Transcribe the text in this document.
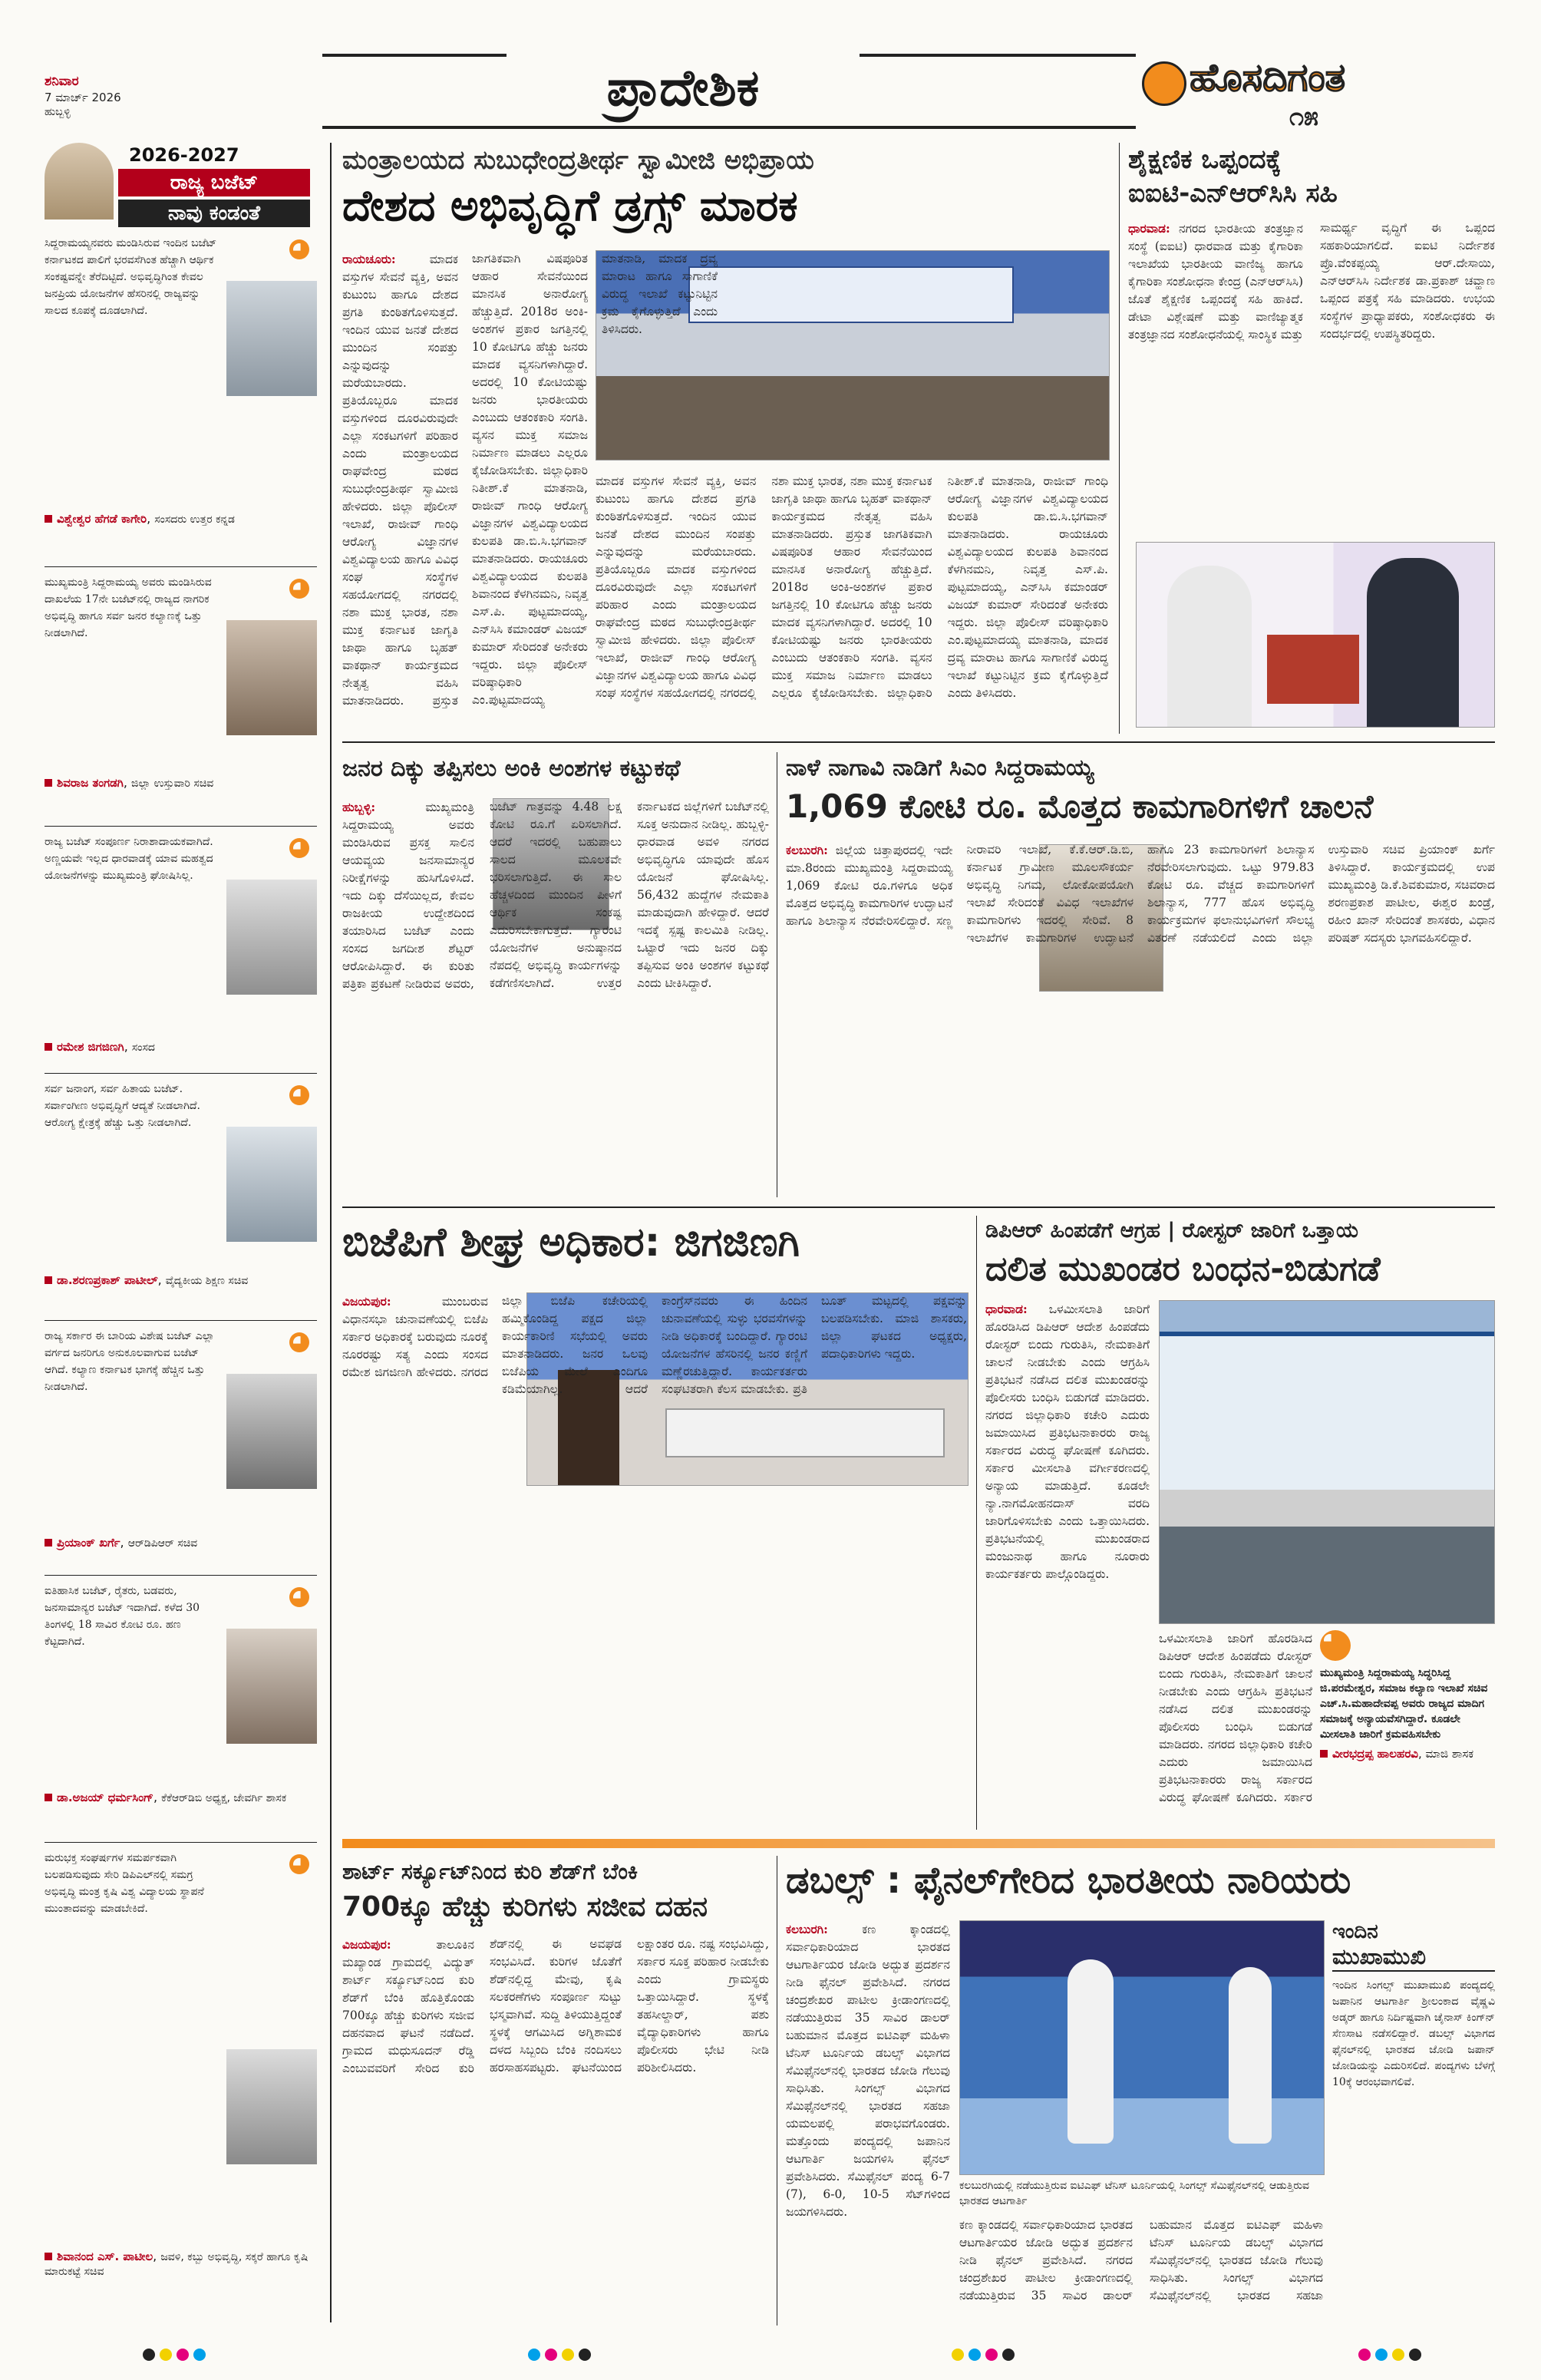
ಶನಿವಾರ
7 ಮಾರ್ಚ್ 2026
ಹುಬ್ಬಳ್ಳಿ	ಪ್ರಾದೇಶಿಕ	ಹೊಸದಿಗಂತ
೧೫
2026-2027
ರಾಜ್ಯ ಬಜೆಟ್
ನಾವು ಕಂಡಂತೆ
ಸಿದ್ದರಾಮಯ್ಯನವರು ಮಂಡಿಸಿರುವ ಇಂದಿನ ಬಜೆಟ್ ಕರ್ನಾಟಕದ ಪಾಲಿಗೆ ಭರವಸೆಗಿಂತ ಹೆಚ್ಚಾಗಿ ಆರ್ಥಿಕ ಸಂಕಷ್ಟವನ್ನೇ ತೆರೆದಿಟ್ಟಿದೆ. ಅಭಿವೃದ್ಧಿಗಿಂತ ಕೇವಲ ಜನಪ್ರಿಯ ಯೋಜನೆಗಳ ಹೆಸರಿನಲ್ಲಿ ರಾಜ್ಯವನ್ನು ಸಾಲದ ಕೂಪಕ್ಕೆ ದೂಡಲಾಗಿದೆ.
ವಿಶ್ವೇಶ್ವರ ಹೆಗಡೆ ಕಾಗೇರಿ, ಸಂಸದರು ಉತ್ತರ ಕನ್ನಡ
ಮುಖ್ಯಮಂತ್ರಿ ಸಿದ್ದರಾಮಯ್ಯ ಅವರು ಮಂಡಿಸಿರುವ ದಾಖಲೆಯ 17ನೇ ಬಜೆಟ್‌ನಲ್ಲಿ ರಾಜ್ಯದ ನಾಗರಿಕ ಅಭಿವೃದ್ಧಿ ಹಾಗೂ ಸರ್ವ ಜನರ ಕಲ್ಯಾಣಕ್ಕೆ ಒತ್ತು ನೀಡಲಾಗಿದೆ.
ಶಿವರಾಜ ತಂಗಡಗಿ, ಜಿಲ್ಲಾ ಉಸ್ತುವಾರಿ ಸಚಿವ
ರಾಜ್ಯ ಬಜೆಟ್ ಸಂಪೂರ್ಣ ನಿರಾಶಾದಾಯಕವಾಗಿದೆ. ಅಣ್ಣಯವೇ ಇಲ್ಲದ ಧಾರವಾಡಕ್ಕೆ ಯಾವ ಮಹತ್ವದ ಯೋಜನೆಗಳನ್ನು ಮುಖ್ಯಮಂತ್ರಿ ಘೋಷಿಸಿಲ್ಲ.
ರಮೇಶ ಜಿಗಜಿಣಗಿ, ಸಂಸದ
ಸರ್ವ ಜನಾಂಗ, ಸರ್ವ ಹಿತಾಯ ಬಜೆಟ್. ಸರ್ವಾಂಗೀಣ ಅಭಿವೃದ್ಧಿಗೆ ಆದ್ಯತೆ ನೀಡಲಾಗಿದೆ. ಆರೋಗ್ಯ ಕ್ಷೇತ್ರಕ್ಕೆ ಹೆಚ್ಚು ಒತ್ತು ನೀಡಲಾಗಿದೆ.
ಡಾ.ಶರಣಪ್ರಕಾಶ್ ಪಾಟೀಲ್, ವೈದ್ಯಕೀಯ ಶಿಕ್ಷಣ ಸಚಿವ
ರಾಜ್ಯ ಸರ್ಕಾರ ಈ ಬಾರಿಯ ವಿಶೇಷ ಬಜೆಟ್ ಎಲ್ಲಾ ವರ್ಗದ ಜನರಿಗೂ ಅನುಕೂಲವಾಗುವ ಬಜೆಟ್ ಆಗಿದೆ. ಕಲ್ಯಾಣ ಕರ್ನಾಟಕ ಭಾಗಕ್ಕೆ ಹೆಚ್ಚಿನ ಒತ್ತು ನೀಡಲಾಗಿದೆ.
ಪ್ರಿಯಾಂಕ್ ಖರ್ಗೆ, ಆರ್‌ಡಿಪಿಆರ್ ಸಚಿವ
ಐತಿಹಾಸಿಕ ಬಜೆಟ್, ರೈತರು, ಬಡವರು, ಜನಸಾಮಾನ್ಯರ ಬಜೆಟ್ ಇದಾಗಿದೆ. ಕಳೆದ 30 ತಿಂಗಳಲ್ಲಿ 18 ಸಾವಿರ ಕೋಟಿ ರೂ. ಹಣ ಕೆಟ್ಟದಾಗಿದೆ.
ಡಾ.ಅಜಯ್ ಧರ್ಮಸಿಂಗ್, ಕೆಕೆಆರ್‌ಡಿಬಿ ಅಧ್ಯಕ್ಷ, ಜೇವರ್ಗಿ ಶಾಸಕ
ಮರುಭಕ್ತ ಸಂಘರ್ಷಗಳ ಸಮರ್ಪಕವಾಗಿ ಬಲಪಡಿಸುವುದು ಸೇರಿ ಡಿಪಿಎಲ್‌ನಲ್ಲಿ ಸಮಗ್ರ ಅಭಿವೃದ್ಧಿ ಮಂತ್ರ ಕೃಷಿ ವಿಶ್ವ ವಿದ್ಯಾಲಯ ಸ್ಥಾಪನೆ ಮುಂತಾದವನ್ನು ಮಾಡಬೇಕಿದೆ.
ಶಿವಾನಂದ ಎಸ್. ಪಾಟೀಲ, ಜವಳಿ, ಕಬ್ಬು ಅಭಿವೃದ್ಧಿ, ಸಕ್ಕರೆ ಹಾಗೂ ಕೃಷಿ ಮಾರುಕಟ್ಟೆ ಸಚಿವ
ಮಂತ್ರಾಲಯದ ಸುಬುಧೇಂದ್ರತೀರ್ಥ ಸ್ವಾಮೀಜಿ ಅಭಿಪ್ರಾಯ
ದೇಶದ ಅಭಿವೃದ್ಧಿಗೆ ಡ್ರಗ್ಸ್ ಮಾರಕ
ರಾಯಚೂರು:	ಮಾದಕ ವಸ್ತುಗಳ ಸೇವನೆ ವ್ಯಕ್ತಿ, ಅವನ ಕುಟುಂಬ ಹಾಗೂ ದೇಶದ ಪ್ರಗತಿ ಕುಂಠಿತಗೊಳಿಸುತ್ತದೆ. ಇಂದಿನ ಯುವ ಜನತೆ ದೇಶದ ಮುಂದಿನ ಸಂಪತ್ತು ಎನ್ನುವುದನ್ನು ಮರೆಯಬಾರದು. ಪ್ರತಿಯೊಬ್ಬರೂ ಮಾದಕ ವಸ್ತುಗಳಿಂದ ದೂರವಿರುವುದೇ ಎಲ್ಲಾ ಸಂಕಟಗಳಿಗೆ ಪರಿಹಾರ ಎಂದು ಮಂತ್ರಾಲಯದ ರಾಘವೇಂದ್ರ ಮಠದ ಸುಬುಧೇಂದ್ರತೀರ್ಥ ಸ್ವಾಮೀಜಿ ಹೇಳಿದರು. ಜಿಲ್ಲಾ ಪೊಲೀಸ್ ಇಲಾಖೆ, ರಾಜೀವ್ ಗಾಂಧಿ ಆರೋಗ್ಯ ವಿಜ್ಞಾನಗಳ ವಿಶ್ವವಿದ್ಯಾಲಯ ಹಾಗೂ ವಿವಿಧ ಸಂಘ ಸಂಸ್ಥೆಗಳ ಸಹಯೋಗದಲ್ಲಿ ನಗರದಲ್ಲಿ ನಶಾ ಮುಕ್ತ ಭಾರತ, ನಶಾ ಮುಕ್ತ ಕರ್ನಾಟಕ ಜಾಗೃತಿ ಜಾಥಾ ಹಾಗೂ ಬೃಹತ್ ವಾಕಥಾನ್ ಕಾರ್ಯಕ್ರಮದ ನೇತೃತ್ವ ವಹಿಸಿ ಮಾತನಾಡಿದರು. ಪ್ರಸ್ತುತ ಜಾಗತಿಕವಾಗಿ ವಿಷಪೂರಿತ ಆಹಾರ ಸೇವನೆಯಿಂದ ಮಾನಸಿಕ ಅನಾರೋಗ್ಯ ಹೆಚ್ಚುತ್ತಿದೆ. 2018ರ ಅಂಕಿ-ಅಂಶಗಳ ಪ್ರಕಾರ ಜಗತ್ತಿನಲ್ಲಿ 10 ಕೋಟಿಗೂ ಹೆಚ್ಚು ಜನರು ಮಾದಕ ವ್ಯಸನಿಗಳಾಗಿದ್ದಾರೆ. ಅದರಲ್ಲಿ 10 ಕೋಟಿಯಷ್ಟು ಜನರು ಭಾರತೀಯರು ಎಂಬುದು ಆತಂಕಕಾರಿ ಸಂಗತಿ. ವ್ಯಸನ ಮುಕ್ತ ಸಮಾಜ ನಿರ್ಮಾಣ ಮಾಡಲು ಎಲ್ಲರೂ ಕೈಜೋಡಿಸಬೇಕು. ಜಿಲ್ಲಾಧಿಕಾರಿ ನಿತೀಶ್.ಕೆ ಮಾತನಾಡಿ, ರಾಜೀವ್ ಗಾಂಧಿ ಆರೋಗ್ಯ ವಿಜ್ಞಾನಗಳ ವಿಶ್ವವಿದ್ಯಾಲಯದ ಕುಲಪತಿ ಡಾ.ಬಿ.ಸಿ.ಭಗವಾನ್ ಮಾತನಾಡಿದರು. ರಾಯಚೂರು ವಿಶ್ವವಿದ್ಯಾಲಯದ ಕುಲಪತಿ ಶಿವಾನಂದ ಕೆಳಗಿನಮನಿ, ನಿವೃತ್ತ ಎಸ್.ಪಿ. ಪುಟ್ಟಮಾದಯ್ಯ, ಎನ್‌ಸಿಸಿ ಕಮಾಂಡರ್ ವಿಜಯ್ ಕುಮಾರ್ ಸೇರಿದಂತೆ ಅನೇಕರು ಇದ್ದರು. ಜಿಲ್ಲಾ ಪೊಲೀಸ್ ವರಿಷ್ಠಾಧಿಕಾರಿ ಎಂ.ಪುಟ್ಟಮಾದಯ್ಯ ಮಾತನಾಡಿ, ಮಾದಕ ದ್ರವ್ಯ ಮಾರಾಟ ಹಾಗೂ ಸಾಗಾಣಿಕೆ ವಿರುದ್ಧ ಇಲಾಖೆ ಕಟ್ಟುನಿಟ್ಟಿನ ಕ್ರಮ ಕೈಗೊಳ್ಳುತ್ತಿದೆ ಎಂದು ತಿಳಿಸಿದರು.
ಮಾದಕ ವಸ್ತುಗಳ ಸೇವನೆ ವ್ಯಕ್ತಿ, ಅವನ ಕುಟುಂಬ ಹಾಗೂ ದೇಶದ ಪ್ರಗತಿ ಕುಂಠಿತಗೊಳಿಸುತ್ತದೆ. ಇಂದಿನ ಯುವ ಜನತೆ ದೇಶದ ಮುಂದಿನ ಸಂಪತ್ತು ಎನ್ನುವುದನ್ನು ಮರೆಯಬಾರದು. ಪ್ರತಿಯೊಬ್ಬರೂ ಮಾದಕ ವಸ್ತುಗಳಿಂದ ದೂರವಿರುವುದೇ ಎಲ್ಲಾ ಸಂಕಟಗಳಿಗೆ ಪರಿಹಾರ ಎಂದು ಮಂತ್ರಾಲಯದ ರಾಘವೇಂದ್ರ ಮಠದ ಸುಬುಧೇಂದ್ರತೀರ್ಥ ಸ್ವಾಮೀಜಿ ಹೇಳಿದರು. ಜಿಲ್ಲಾ ಪೊಲೀಸ್ ಇಲಾಖೆ, ರಾಜೀವ್ ಗಾಂಧಿ ಆರೋಗ್ಯ ವಿಜ್ಞಾನಗಳ ವಿಶ್ವವಿದ್ಯಾಲಯ ಹಾಗೂ ವಿವಿಧ ಸಂಘ ಸಂಸ್ಥೆಗಳ ಸಹಯೋಗದಲ್ಲಿ ನಗರದಲ್ಲಿ ನಶಾ ಮುಕ್ತ ಭಾರತ, ನಶಾ ಮುಕ್ತ ಕರ್ನಾಟಕ ಜಾಗೃತಿ ಜಾಥಾ ಹಾಗೂ ಬೃಹತ್ ವಾಕಥಾನ್ ಕಾರ್ಯಕ್ರಮದ ನೇತೃತ್ವ ವಹಿಸಿ ಮಾತನಾಡಿದರು. ಪ್ರಸ್ತುತ ಜಾಗತಿಕವಾಗಿ ವಿಷಪೂರಿತ ಆಹಾರ ಸೇವನೆಯಿಂದ ಮಾನಸಿಕ ಅನಾರೋಗ್ಯ ಹೆಚ್ಚುತ್ತಿದೆ. 2018ರ ಅಂಕಿ-ಅಂಶಗಳ ಪ್ರಕಾರ ಜಗತ್ತಿನಲ್ಲಿ 10 ಕೋಟಿಗೂ ಹೆಚ್ಚು ಜನರು ಮಾದಕ ವ್ಯಸನಿಗಳಾಗಿದ್ದಾರೆ. ಅದರಲ್ಲಿ 10 ಕೋಟಿಯಷ್ಟು ಜನರು ಭಾರತೀಯರು ಎಂಬುದು ಆತಂಕಕಾರಿ ಸಂಗತಿ. ವ್ಯಸನ ಮುಕ್ತ ಸಮಾಜ ನಿರ್ಮಾಣ ಮಾಡಲು ಎಲ್ಲರೂ ಕೈಜೋಡಿಸಬೇಕು. ಜಿಲ್ಲಾಧಿಕಾರಿ ನಿತೀಶ್.ಕೆ ಮಾತನಾಡಿ, ರಾಜೀವ್ ಗಾಂಧಿ ಆರೋಗ್ಯ ವಿಜ್ಞಾನಗಳ ವಿಶ್ವವಿದ್ಯಾಲಯದ ಕುಲಪತಿ ಡಾ.ಬಿ.ಸಿ.ಭಗವಾನ್ ಮಾತನಾಡಿದರು. ರಾಯಚೂರು ವಿಶ್ವವಿದ್ಯಾಲಯದ ಕುಲಪತಿ ಶಿವಾನಂದ ಕೆಳಗಿನಮನಿ, ನಿವೃತ್ತ ಎಸ್.ಪಿ. ಪುಟ್ಟಮಾದಯ್ಯ, ಎನ್‌ಸಿಸಿ ಕಮಾಂಡರ್ ವಿಜಯ್ ಕುಮಾರ್ ಸೇರಿದಂತೆ ಅನೇಕರು ಇದ್ದರು. ಜಿಲ್ಲಾ ಪೊಲೀಸ್ ವರಿಷ್ಠಾಧಿಕಾರಿ ಎಂ.ಪುಟ್ಟಮಾದಯ್ಯ ಮಾತನಾಡಿ, ಮಾದಕ ದ್ರವ್ಯ ಮಾರಾಟ ಹಾಗೂ ಸಾಗಾಣಿಕೆ ವಿರುದ್ಧ ಇಲಾಖೆ ಕಟ್ಟುನಿಟ್ಟಿನ ಕ್ರಮ ಕೈಗೊಳ್ಳುತ್ತಿದೆ ಎಂದು ತಿಳಿಸಿದರು.
ಶೈಕ್ಷಣಿಕ ಒಪ್ಪಂದಕ್ಕೆ
ಐಐಟಿ-ಎನ್‌ಆರ್‌ಸಿಸಿ ಸಹಿ
ಧಾರವಾಡ: ನಗರದ ಭಾರತೀಯ ತಂತ್ರಜ್ಞಾನ ಸಂಸ್ಥೆ (ಐಐಟಿ) ಧಾರವಾಡ ಮತ್ತು ಕೈಗಾರಿಕಾ ಇಲಾಖೆಯ ಭಾರತೀಯ ವಾಣಿಜ್ಯ ಹಾಗೂ ಕೈಗಾರಿಕಾ ಸಂಶೋಧನಾ ಕೇಂದ್ರ (ಎನ್‌ಆರ್‌ಸಿಸಿ) ಜೊತೆ ಶೈಕ್ಷಣಿಕ ಒಪ್ಪಂದಕ್ಕೆ ಸಹಿ ಹಾಕಿದೆ. ಡೇಟಾ ವಿಶ್ಲೇಷಣೆ ಮತ್ತು ವಾಣಿಜ್ಯಾತ್ಮಕ ತಂತ್ರಜ್ಞಾನದ ಸಂಶೋಧನೆಯಲ್ಲಿ ಸಾಂಸ್ಥಿಕ ಮತ್ತು ಸಾಮರ್ಥ್ಯ ವೃದ್ಧಿಗೆ ಈ ಒಪ್ಪಂದ ಸಹಕಾರಿಯಾಗಲಿದೆ. ಐಐಟಿ ನಿರ್ದೇಶಕ ಪ್ರೊ.ವೆಂಕಪ್ಪಯ್ಯ ಆರ್.ದೇಸಾಯಿ, ಎನ್‌ಆರ್‌ಸಿಸಿ ನಿರ್ದೇಶಕ ಡಾ.ಪ್ರಕಾಶ್ ಚವ್ಹಾಣ ಒಪ್ಪಂದ ಪತ್ರಕ್ಕೆ ಸಹಿ ಮಾಡಿದರು. ಉಭಯ ಸಂಸ್ಥೆಗಳ ಪ್ರಾಧ್ಯಾಪಕರು, ಸಂಶೋಧಕರು ಈ ಸಂದರ್ಭದಲ್ಲಿ ಉಪಸ್ಥಿತರಿದ್ದರು.
ಜನರ ದಿಕ್ಕು ತಪ್ಪಿಸಲು ಅಂಕಿ ಅಂಶಗಳ ಕಟ್ಟುಕಥೆ
ಹುಬ್ಬಳ್ಳಿ:	ಮುಖ್ಯಮಂತ್ರಿ ಸಿದ್ದರಾಮಯ್ಯ ಅವರು ಮಂಡಿಸಿರುವ ಪ್ರಸಕ್ತ ಸಾಲಿನ ಆಯವ್ಯಯ ಜನಸಾಮಾನ್ಯರ ನಿರೀಕ್ಷೆಗಳನ್ನು ಹುಸಿಗೊಳಿಸಿದೆ. ಇದು ದಿಕ್ಕು ದೆಸೆಯಿಲ್ಲದ, ಕೇವಲ ರಾಜಕೀಯ ಉದ್ದೇಶದಿಂದ ತಯಾರಿಸಿದ ಬಜೆಟ್ ಎಂದು ಸಂಸದ ಜಗದೀಶ ಶೆಟ್ಟರ್ ಆರೋಪಿಸಿದ್ದಾರೆ. ಈ ಕುರಿತು ಪತ್ರಿಕಾ ಪ್ರಕಟಣೆ ನೀಡಿರುವ ಅವರು, ಬಜೆಟ್ ಗಾತ್ರವನ್ನು 4.48 ಲಕ್ಷ ಕೋಟಿ ರೂ.ಗೆ ಏರಿಸಲಾಗಿದೆ. ಆದರೆ ಇದರಲ್ಲಿ ಬಹುಪಾಲು ಸಾಲದ ಮೂಲಕವೇ ಭರಿಸಲಾಗುತ್ತಿದೆ. ಈ ಸಾಲ ಹೆಚ್ಚಳದಿಂದ ಮುಂದಿನ ಪೀಳಿಗೆ ಆರ್ಥಿಕ ಸಂಕಷ್ಟ ಎದುರಿಸಬೇಕಾಗುತ್ತದೆ. ಗ್ಯಾರಂಟಿ ಯೋಜನೆಗಳ ಅನುಷ್ಠಾನದ ನೆಪದಲ್ಲಿ ಅಭಿವೃದ್ಧಿ ಕಾರ್ಯಗಳನ್ನು ಕಡೆಗಣಿಸಲಾಗಿದೆ. ಉತ್ತರ ಕರ್ನಾಟಕದ ಜಿಲ್ಲೆಗಳಿಗೆ ಬಜೆಟ್‌ನಲ್ಲಿ ಸೂಕ್ತ ಅನುದಾನ ನೀಡಿಲ್ಲ. ಹುಬ್ಬಳ್ಳಿ-ಧಾರವಾಡ ಅವಳಿ ನಗರದ ಅಭಿವೃದ್ಧಿಗೂ ಯಾವುದೇ ಹೊಸ ಯೋಜನೆ ಘೋಷಿಸಿಲ್ಲ. 56,432 ಹುದ್ದೆಗಳ ನೇಮಕಾತಿ ಮಾಡುವುದಾಗಿ ಹೇಳಿದ್ದಾರೆ. ಆದರೆ ಇದಕ್ಕೆ ಸ್ಪಷ್ಟ ಕಾಲಮಿತಿ ನೀಡಿಲ್ಲ. ಒಟ್ಟಾರೆ ಇದು ಜನರ ದಿಕ್ಕು ತಪ್ಪಿಸುವ ಅಂಕಿ ಅಂಶಗಳ ಕಟ್ಟುಕಥೆ ಎಂದು ಟೀಕಿಸಿದ್ದಾರೆ.
ನಾಳೆ ನಾಗಾವಿ ನಾಡಿಗೆ ಸಿಎಂ ಸಿದ್ದರಾಮಯ್ಯ
1,069 ಕೋಟಿ ರೂ. ಮೊತ್ತದ ಕಾಮಗಾರಿಗಳಿಗೆ ಚಾಲನೆ
ಕಲಬುರಗಿ: ಜಿಲ್ಲೆಯ ಚಿತ್ತಾಪುರದಲ್ಲಿ ಇದೇ ಮಾ.8ರಂದು ಮುಖ್ಯಮಂತ್ರಿ ಸಿದ್ದರಾಮಯ್ಯ 1,069 ಕೋಟಿ ರೂ.ಗಳಿಗೂ ಅಧಿಕ ಮೊತ್ತದ ಅಭಿವೃದ್ಧಿ ಕಾಮಗಾರಿಗಳ ಉದ್ಘಾಟನೆ ಹಾಗೂ ಶಿಲಾನ್ಯಾಸ ನೆರವೇರಿಸಲಿದ್ದಾರೆ. ಸಣ್ಣ ನೀರಾವರಿ ಇಲಾಖೆ, ಕೆ.ಕೆ.ಆರ್.ಡಿ.ಬಿ, ಕರ್ನಾಟಕ ಗ್ರಾಮೀಣ ಮೂಲಸೌಕರ್ಯ ಅಭಿವೃದ್ಧಿ ನಿಗಮ, ಲೋಕೋಪಯೋಗಿ ಇಲಾಖೆ ಸೇರಿದಂತೆ ವಿವಿಧ ಇಲಾಖೆಗಳ ಕಾಮಗಾರಿಗಳು ಇದರಲ್ಲಿ ಸೇರಿವೆ. 8 ಇಲಾಖೆಗಳ ಕಾಮಗಾರಿಗಳ ಉದ್ಘಾಟನೆ ಹಾಗೂ 23 ಕಾಮಗಾರಿಗಳಿಗೆ ಶಿಲಾನ್ಯಾಸ ನೆರವೇರಿಸಲಾಗುವುದು. ಒಟ್ಟು 979.83 ಕೋಟಿ ರೂ. ವೆಚ್ಚದ ಕಾಮಗಾರಿಗಳಿಗೆ ಶಿಲಾನ್ಯಾಸ, 777 ಹೊಸ ಅಭಿವೃದ್ಧಿ ಕಾರ್ಯಕ್ರಮಗಳ ಫಲಾನುಭವಿಗಳಿಗೆ ಸೌಲಭ್ಯ ವಿತರಣೆ ನಡೆಯಲಿದೆ ಎಂದು ಜಿಲ್ಲಾ ಉಸ್ತುವಾರಿ ಸಚಿವ ಪ್ರಿಯಾಂಕ್ ಖರ್ಗೆ ತಿಳಿಸಿದ್ದಾರೆ. ಕಾರ್ಯಕ್ರಮದಲ್ಲಿ ಉಪ ಮುಖ್ಯಮಂತ್ರಿ ಡಿ.ಕೆ.ಶಿವಕುಮಾರ, ಸಚಿವರಾದ ಶರಣಪ್ರಕಾಶ ಪಾಟೀಲ, ಈಶ್ವರ ಖಂಡ್ರೆ, ರಹೀಂ ಖಾನ್ ಸೇರಿದಂತೆ ಶಾಸಕರು, ವಿಧಾನ ಪರಿಷತ್ ಸದಸ್ಯರು ಭಾಗವಹಿಸಲಿದ್ದಾರೆ.
ಬಿಜೆಪಿಗೆ ಶೀಘ್ರ ಅಧಿಕಾರ: ಜಿಗಜಿಣಗಿ
ವಿಜಯಪುರ:	ಮುಂಬರುವ ವಿಧಾನಸಭಾ ಚುನಾವಣೆಯಲ್ಲಿ ಬಿಜೆಪಿ ಸರ್ಕಾರ ಅಧಿಕಾರಕ್ಕೆ ಬರುವುದು ನೂರಕ್ಕೆ ನೂರರಷ್ಟು ಸತ್ಯ ಎಂದು ಸಂಸದ ರಮೇಶ ಜಿಗಜಿಣಗಿ ಹೇಳಿದರು. ನಗರದ ಜಿಲ್ಲಾ ಬಿಜೆಪಿ ಕಚೇರಿಯಲ್ಲಿ ಹಮ್ಮಿಕೊಂಡಿದ್ದ ಪಕ್ಷದ ಜಿಲ್ಲಾ ಕಾರ್ಯಕಾರಿಣಿ ಸಭೆಯಲ್ಲಿ ಅವರು ಮಾತನಾಡಿದರು. ಜನರ ಒಲವು ಬಿಜೆಪಿಯ ಮೇಲೆ ಎಂದಿಗೂ ಕಡಿಮೆಯಾಗಿಲ್ಲ. ಆದರೆ ಕಾಂಗ್ರೆಸ್‌ನವರು ಈ ಹಿಂದಿನ ಚುನಾವಣೆಯಲ್ಲಿ ಸುಳ್ಳು ಭರವಸೆಗಳನ್ನು ನೀಡಿ ಅಧಿಕಾರಕ್ಕೆ ಬಂದಿದ್ದಾರೆ. ಗ್ಯಾರಂಟಿ ಯೋಜನೆಗಳ ಹೆಸರಿನಲ್ಲಿ ಜನರ ಕಣ್ಣಿಗೆ ಮಣ್ಣೆರಚುತ್ತಿದ್ದಾರೆ. ಕಾರ್ಯಕರ್ತರು ಸಂಘಟಿತರಾಗಿ ಕೆಲಸ ಮಾಡಬೇಕು. ಪ್ರತಿ ಬೂತ್ ಮಟ್ಟದಲ್ಲಿ ಪಕ್ಷವನ್ನು ಬಲಪಡಿಸಬೇಕು. ಮಾಜಿ ಶಾಸಕರು, ಜಿಲ್ಲಾ ಘಟಕದ ಅಧ್ಯಕ್ಷರು, ಪದಾಧಿಕಾರಿಗಳು ಇದ್ದರು.
ಡಿಪಿಆರ್ ಹಿಂಪಡೆಗೆ ಆಗ್ರಹ | ರೋಸ್ಟರ್ ಜಾರಿಗೆ ಒತ್ತಾಯ
ದಲಿತ ಮುಖಂಡರ ಬಂಧನ-ಬಿಡುಗಡೆ
ಧಾರವಾಡ: ಒಳಮೀಸಲಾತಿ ಜಾರಿಗೆ ಹೊರಡಿಸಿದ ಡಿಪಿಆರ್ ಆದೇಶ ಹಿಂಪಡೆದು ರೋಸ್ಟರ್ ಬಿಂದು ಗುರುತಿಸಿ, ನೇಮಕಾತಿಗೆ ಚಾಲನೆ ನೀಡಬೇಕು ಎಂದು ಆಗ್ರಹಿಸಿ ಪ್ರತಿಭಟನೆ ನಡೆಸಿದ ದಲಿತ ಮುಖಂಡರನ್ನು ಪೊಲೀಸರು ಬಂಧಿಸಿ ಬಿಡುಗಡೆ ಮಾಡಿದರು. ನಗರದ ಜಿಲ್ಲಾಧಿಕಾರಿ ಕಚೇರಿ ಎದುರು ಜಮಾಯಿಸಿದ ಪ್ರತಿಭಟನಾಕಾರರು ರಾಜ್ಯ ಸರ್ಕಾರದ ವಿರುದ್ಧ ಘೋಷಣೆ ಕೂಗಿದರು. ಸರ್ಕಾರ ಮೀಸಲಾತಿ ವರ್ಗೀಕರಣದಲ್ಲಿ ಅನ್ಯಾಯ ಮಾಡುತ್ತಿದೆ. ಕೂಡಲೇ ನ್ಯಾ.ನಾಗಮೋಹನದಾಸ್ ವರದಿ ಜಾರಿಗೊಳಿಸಬೇಕು ಎಂದು ಒತ್ತಾಯಿಸಿದರು. ಪ್ರತಿಭಟನೆಯಲ್ಲಿ ಮುಖಂಡರಾದ ಮಂಜುನಾಥ ಹಾಗೂ ನೂರಾರು ಕಾರ್ಯಕರ್ತರು ಪಾಲ್ಗೊಂಡಿದ್ದರು.
ಒಳಮೀಸಲಾತಿ ಜಾರಿಗೆ ಹೊರಡಿಸಿದ ಡಿಪಿಆರ್ ಆದೇಶ ಹಿಂಪಡೆದು ರೋಸ್ಟರ್ ಬಿಂದು ಗುರುತಿಸಿ, ನೇಮಕಾತಿಗೆ ಚಾಲನೆ ನೀಡಬೇಕು ಎಂದು ಆಗ್ರಹಿಸಿ ಪ್ರತಿಭಟನೆ ನಡೆಸಿದ ದಲಿತ ಮುಖಂಡರನ್ನು ಪೊಲೀಸರು ಬಂಧಿಸಿ ಬಿಡುಗಡೆ ಮಾಡಿದರು. ನಗರದ ಜಿಲ್ಲಾಧಿಕಾರಿ ಕಚೇರಿ ಎದುರು ಜಮಾಯಿಸಿದ ಪ್ರತಿಭಟನಾಕಾರರು ರಾಜ್ಯ ಸರ್ಕಾರದ ವಿರುದ್ಧ ಘೋಷಣೆ ಕೂಗಿದರು. ಸರ್ಕಾರ
ಮುಖ್ಯಮಂತ್ರಿ ಸಿದ್ದರಾಮಯ್ಯ ಸಿದ್ಧರಿಸಿದ್ದ ಜಿ.ಪರಮೇಶ್ವರ, ಸಮಾಜ ಕಲ್ಯಾಣ ಇಲಾಖೆ ಸಚಿವ ಎಚ್.ಸಿ.ಮಹಾದೇವಪ್ಪ ಅವರು ರಾಜ್ಯದ ಮಾದಿಗ ಸಮಾಜಕ್ಕೆ ಅನ್ಯಾಯವೆಸಗಿದ್ದಾರೆ. ಕೂಡಲೇ ಮೀಸಲಾತಿ ಜಾರಿಗೆ ಕ್ರಮವಹಿಸಬೇಕು
ವೀರಭದ್ರಪ್ಪ ಹಾಲಹರವಿ, ಮಾಜಿ ಶಾಸಕ
ಶಾರ್ಟ್ ಸರ್ಕ್ಯೂಟ್‌ನಿಂದ ಕುರಿ ಶೆಡ್‌ಗೆ ಬೆಂಕಿ
700ಕ್ಕೂ ಹೆಚ್ಚು ಕುರಿಗಳು ಸಜೀವ ದಹನ
ವಿಜಯಪುರ:	ತಾಲೂಕಿನ ಮಖ್ಯಾಂಡ ಗ್ರಾಮದಲ್ಲಿ ವಿದ್ಯುತ್ ಶಾರ್ಟ್ ಸರ್ಕ್ಯೂಟ್‌ನಿಂದ ಕುರಿ ಶೆಡ್‌ಗೆ ಬೆಂಕಿ ಹೊತ್ತಿಕೊಂಡು 700ಕ್ಕೂ ಹೆಚ್ಚು ಕುರಿಗಳು ಸಜೀವ ದಹನವಾದ ಘಟನೆ ನಡೆದಿದೆ. ಗ್ರಾಮದ ಮಧುಸೂದನ್ ರೆಡ್ಡಿ ಎಂಬುವವರಿಗೆ ಸೇರಿದ ಕುರಿ ಶೆಡ್‌ನಲ್ಲಿ ಈ ಅವಘಡ ಸಂಭವಿಸಿದೆ. ಕುರಿಗಳ ಜೊತೆಗೆ ಶೆಡ್‌ನಲ್ಲಿದ್ದ ಮೇವು, ಕೃಷಿ ಸಲಕರಣೆಗಳು ಸಂಪೂರ್ಣ ಸುಟ್ಟು ಭಸ್ಮವಾಗಿವೆ. ಸುದ್ದಿ ತಿಳಿಯುತ್ತಿದ್ದಂತೆ ಸ್ಥಳಕ್ಕೆ ಆಗಮಿಸಿದ ಅಗ್ನಿಶಾಮಕ ದಳದ ಸಿಬ್ಬಂದಿ ಬೆಂಕಿ ನಂದಿಸಲು ಹರಸಾಹಸಪಟ್ಟರು. ಘಟನೆಯಿಂದ ಲಕ್ಷಾಂತರ ರೂ. ನಷ್ಟ ಸಂಭವಿಸಿದ್ದು, ಸರ್ಕಾರ ಸೂಕ್ತ ಪರಿಹಾರ ನೀಡಬೇಕು ಎಂದು ಗ್ರಾಮಸ್ಥರು ಒತ್ತಾಯಿಸಿದ್ದಾರೆ. ಸ್ಥಳಕ್ಕೆ ತಹಸೀಲ್ದಾರ್, ಪಶು ವೈದ್ಯಾಧಿಕಾರಿಗಳು ಹಾಗೂ ಪೊಲೀಸರು ಭೇಟಿ ನೀಡಿ ಪರಿಶೀಲಿಸಿದರು.
ಡಬಲ್ಸ್ : ಫೈನಲ್‌ಗೇರಿದ ಭಾರತೀಯ ನಾರಿಯರು
ಕಲಬುರಗಿ:	ಕಣ ಕ್ಕಾಂಡದಲ್ಲಿ ಸರ್ವಾಧಿಕಾರಿಯಾದ ಭಾರತದ ಆಟಗಾರ್ತಿಯರ ಜೋಡಿ ಅದ್ಭುತ ಪ್ರದರ್ಶನ ನೀಡಿ ಫೈನಲ್ ಪ್ರವೇಶಿಸಿದೆ. ನಗರದ ಚಂದ್ರಶೇಖರ ಪಾಟೀಲ ಕ್ರೀಡಾಂಗಣದಲ್ಲಿ ನಡೆಯುತ್ತಿರುವ 35 ಸಾವಿರ ಡಾಲರ್ ಬಹುಮಾನ ಮೊತ್ತದ ಐಟಿಎಫ್ ಮಹಿಳಾ ಟೆನಿಸ್ ಟೂರ್ನಿಯ ಡಬಲ್ಸ್ ವಿಭಾಗದ ಸೆಮಿಫೈನಲ್‌ನಲ್ಲಿ ಭಾರತದ ಜೋಡಿ ಗೆಲುವು ಸಾಧಿಸಿತು. ಸಿಂಗಲ್ಸ್ ವಿಭಾಗದ ಸೆಮಿಫೈನಲ್‌ನಲ್ಲಿ ಭಾರತದ ಸಹಜಾ ಯಮಲಪಲ್ಲಿ ಪರಾಭವಗೊಂಡರು. ಮತ್ತೊಂದು ಪಂದ್ಯದಲ್ಲಿ ಜಪಾನಿನ ಆಟಗಾರ್ತಿ ಜಯಗಳಿಸಿ ಫೈನಲ್ ಪ್ರವೇಶಿಸಿದರು. ಸೆಮಿಫೈನಲ್ ಪಂದ್ಯ 6-7 (7), 6-0, 10-5 ಸೆಟ್‌ಗಳಿಂದ ಜಯಗಳಿಸಿದರು.
ಕಲಬುರಗಿಯಲ್ಲಿ ನಡೆಯುತ್ತಿರುವ ಐಟಿಎಫ್ ಟೆನಿಸ್ ಟೂರ್ನಿಯಲ್ಲಿ ಸಿಂಗಲ್ಸ್ ಸೆಮಿಫೈನಲ್‌ನಲ್ಲಿ ಆಡುತ್ತಿರುವ ಭಾರತದ ಆಟಗಾರ್ತಿ
ಕಣ ಕ್ಕಾಂಡದಲ್ಲಿ ಸರ್ವಾಧಿಕಾರಿಯಾದ ಭಾರತದ ಆಟಗಾರ್ತಿಯರ ಜೋಡಿ ಅದ್ಭುತ ಪ್ರದರ್ಶನ ನೀಡಿ ಫೈನಲ್ ಪ್ರವೇಶಿಸಿದೆ. ನಗರದ ಚಂದ್ರಶೇಖರ ಪಾಟೀಲ ಕ್ರೀಡಾಂಗಣದಲ್ಲಿ ನಡೆಯುತ್ತಿರುವ 35 ಸಾವಿರ ಡಾಲರ್ ಬಹುಮಾನ ಮೊತ್ತದ ಐಟಿಎಫ್ ಮಹಿಳಾ ಟೆನಿಸ್ ಟೂರ್ನಿಯ ಡಬಲ್ಸ್ ವಿಭಾಗದ ಸೆಮಿಫೈನಲ್‌ನಲ್ಲಿ ಭಾರತದ ಜೋಡಿ ಗೆಲುವು ಸಾಧಿಸಿತು. ಸಿಂಗಲ್ಸ್ ವಿಭಾಗದ ಸೆಮಿಫೈನಲ್‌ನಲ್ಲಿ ಭಾರತದ ಸಹಜಾ
ಇಂದಿನ
ಮುಖಾಮುಖಿ
ಇಂದಿನ ಸಿಂಗಲ್ಸ್ ಮುಖಾಮುಖಿ ಪಂದ್ಯದಲ್ಲಿ ಜಪಾನಿನ ಆಟಗಾರ್ತಿ ಶ್ರೀಲಂಕಾದ ವೈಷ್ಣವಿ ಅಡ್ಕರ್ ಹಾಗೂ ನಿರ್ದಿಷ್ಟವಾಗಿ ಚೈನಾಸ್ ಕಿಂಗ್‌ನ್ ಸೆಣಸಾಟ ನಡೆಸಲಿದ್ದಾರೆ. ಡಬಲ್ಸ್ ವಿಭಾಗದ ಫೈನಲ್‌ನಲ್ಲಿ ಭಾರತದ ಜೋಡಿ ಜಪಾನ್ ಜೋಡಿಯನ್ನು ಎದುರಿಸಲಿದೆ. ಪಂದ್ಯಗಳು ಬೆಳಗ್ಗೆ 10ಕ್ಕೆ ಆರಂಭವಾಗಲಿವೆ.
